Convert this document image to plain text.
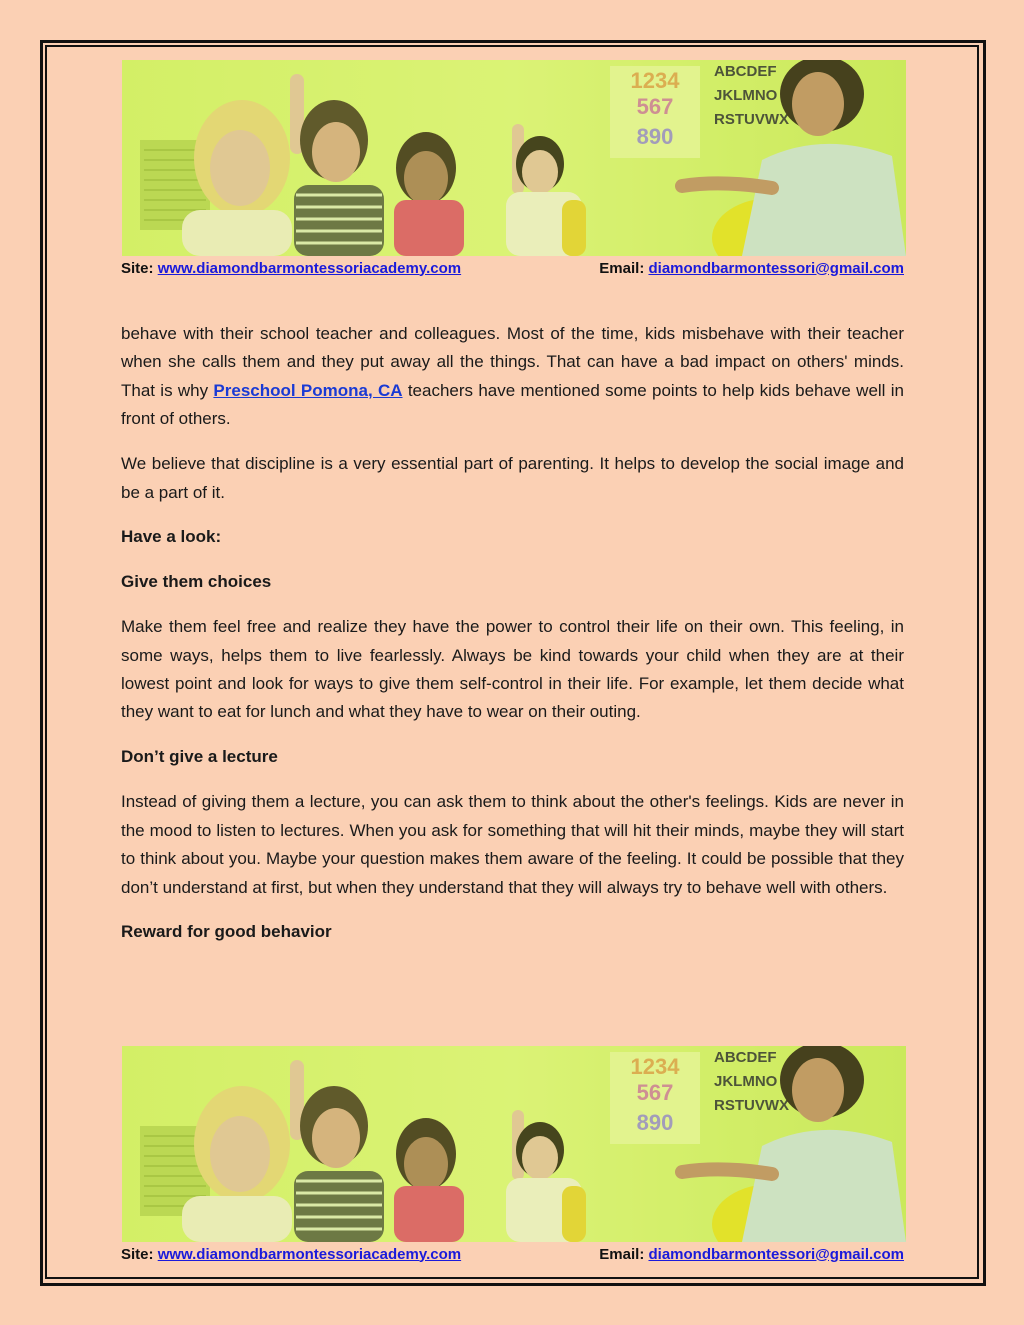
1234
567
890
ABCDEF
JKLMNO
RSTUVWX
Site: www.diamondbarmontessoriacademy.com	Email: diamondbarmontessori@gmail.com

behave with their school teacher and colleagues. Most of the time, kids misbehave with their teacher when she calls them and they put away all the things. That can have a bad impact on others' minds. That is why Preschool Pomona, CA teachers have mentioned some points to help kids behave well in front of others.

We believe that discipline is a very essential part of parenting. It helps to develop the social image and be a part of it.

Have a look:

Give them choices

Make them feel free and realize they have the power to control their life on their own. This feeling, in some ways, helps them to live fearlessly. Always be kind towards your child when they are at their lowest point and look for ways to give them self-control in their life. For example, let them decide what they want to eat for lunch and what they have to wear on their outing.

Don’t give a lecture

Instead of giving them a lecture, you can ask them to think about the other's feelings. Kids are never in the mood to listen to lectures. When you ask for something that will hit their minds, maybe they will start to think about you. Maybe your question makes them aware of the feeling. It could be possible that they don’t understand at first, but when they understand that they will always try to behave well with others.

Reward for good behavior

1234
567
890
ABCDEF
JKLMNO
RSTUVWX
Site: www.diamondbarmontessoriacademy.com	Email: diamondbarmontessori@gmail.com
